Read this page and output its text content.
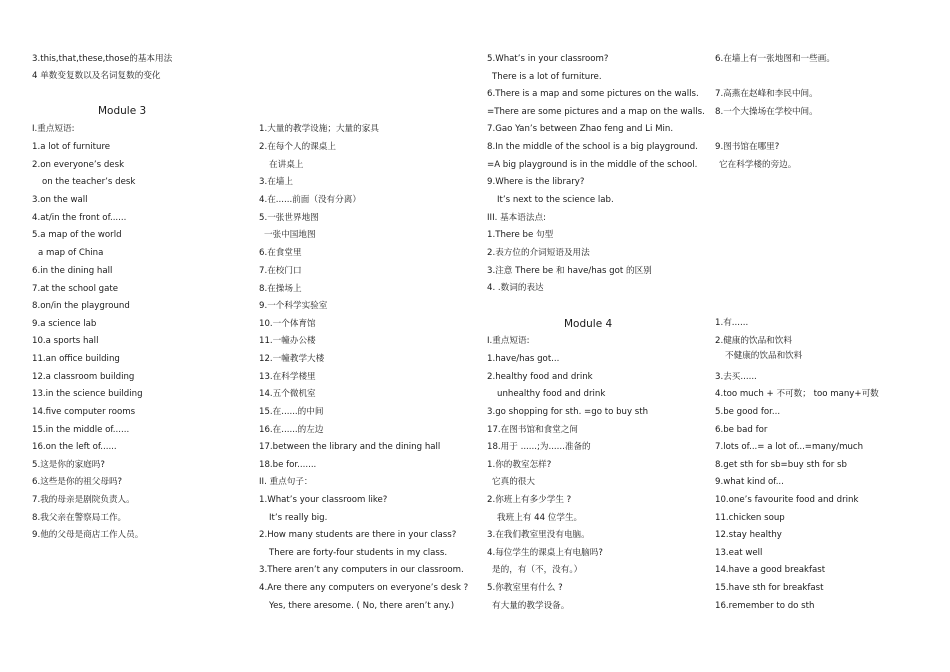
3.this,that,these,those的基本用法
4 单数变复数以及名词复数的变化
Module 3
I.重点短语:
1.a lot of furniture
2.on everyone’s desk
on the teacher’s desk
3.on the wall
4.at/in the front of......
5.a map of the world
a map of China
6.in the dining hall
7.at the school gate
8.on/in the playground
9.a science lab
10.a sports hall
11.an office building
12.a classroom building
13.in the science building
14.five computer rooms
15.in the middle of......
16.on the left of......
5.这是你的家庭吗?
6.这些是你的祖父母吗?
7.我的母亲是剧院负责人。
8.我父亲在警察局工作。
9.他的父母是商店工作人员。
1.大量的教学设施；大量的家具
2.在每个人的课桌上
在讲桌上
3.在墙上
4.在......前面（没有分离）
5.一张世界地图
一张中国地图
6.在食堂里
7.在校门口
8.在操场上
9.一个科学实验室
10.一个体育馆
11.一幢办公楼
12.一幢教学大楼
13.在科学楼里
14.五个微机室
15.在......的中间
16.在......的左边
17.between the library and the dining hall
18.be for.......
II. 重点句子：
1.What’s your classroom like?
It’s really big.
2.How many students are there in your class?
There are forty-four students in my class.
3.There aren’t any computers in our classroom.
4.Are there any computers on everyone’s desk ?
Yes, there aresome. ( No, there aren’t any.)
5.What’s in your classroom?
There is a lot of furniture.
6.There is a map and some pictures on the walls.
=There are some pictures and a map on the walls.
7.Gao Yan’s between Zhao feng and Li Min.
8.In the middle of the school is a big playground.
=A big playground is in the middle of the school.
9.Where is the library?
It’s next to the science lab.
III. 基本语法点:
1.There be 句型
2.表方位的介词短语及用法
3.注意 There be 和 have/has got 的区别
4. .数词的表达
Module 4
I.重点短语:
1.have/has got...
2.healthy food and drink
unhealthy food and drink
3.go shopping for sth. =go to buy sth
17.在图书馆和食堂之间
18.用于 ......;为......准备的
1.你的教室怎样?
它真的很大
2.你班上有多少学生 ?
我班上有 44 位学生。
3.在我们教室里没有电脑。
4.每位学生的课桌上有电脑吗?
是的，有（不，没有。）
5.你教室里有什么 ?
有大量的教学设备。
6.在墙上有一张地图和一些画。
7.高燕在赵峰和李民中间。
8.一个大操场在学校中间。
9.图书馆在哪里?
它在科学楼的旁边。
1.有......
2.健康的饮品和饮料
不健康的饮品和饮料
3.去买......
4.too much + 不可数； too many+可数
5.be good for...
6.be bad for
7.lots of...= a lot of...=many/much
8.get sth for sb=buy sth for sb
9.what kind of...
10.one’s favourite food and drink
11.chicken soup
12.stay healthy
13.eat well
14.have a good breakfast
15.have sth for breakfast
16.remember to do sth
